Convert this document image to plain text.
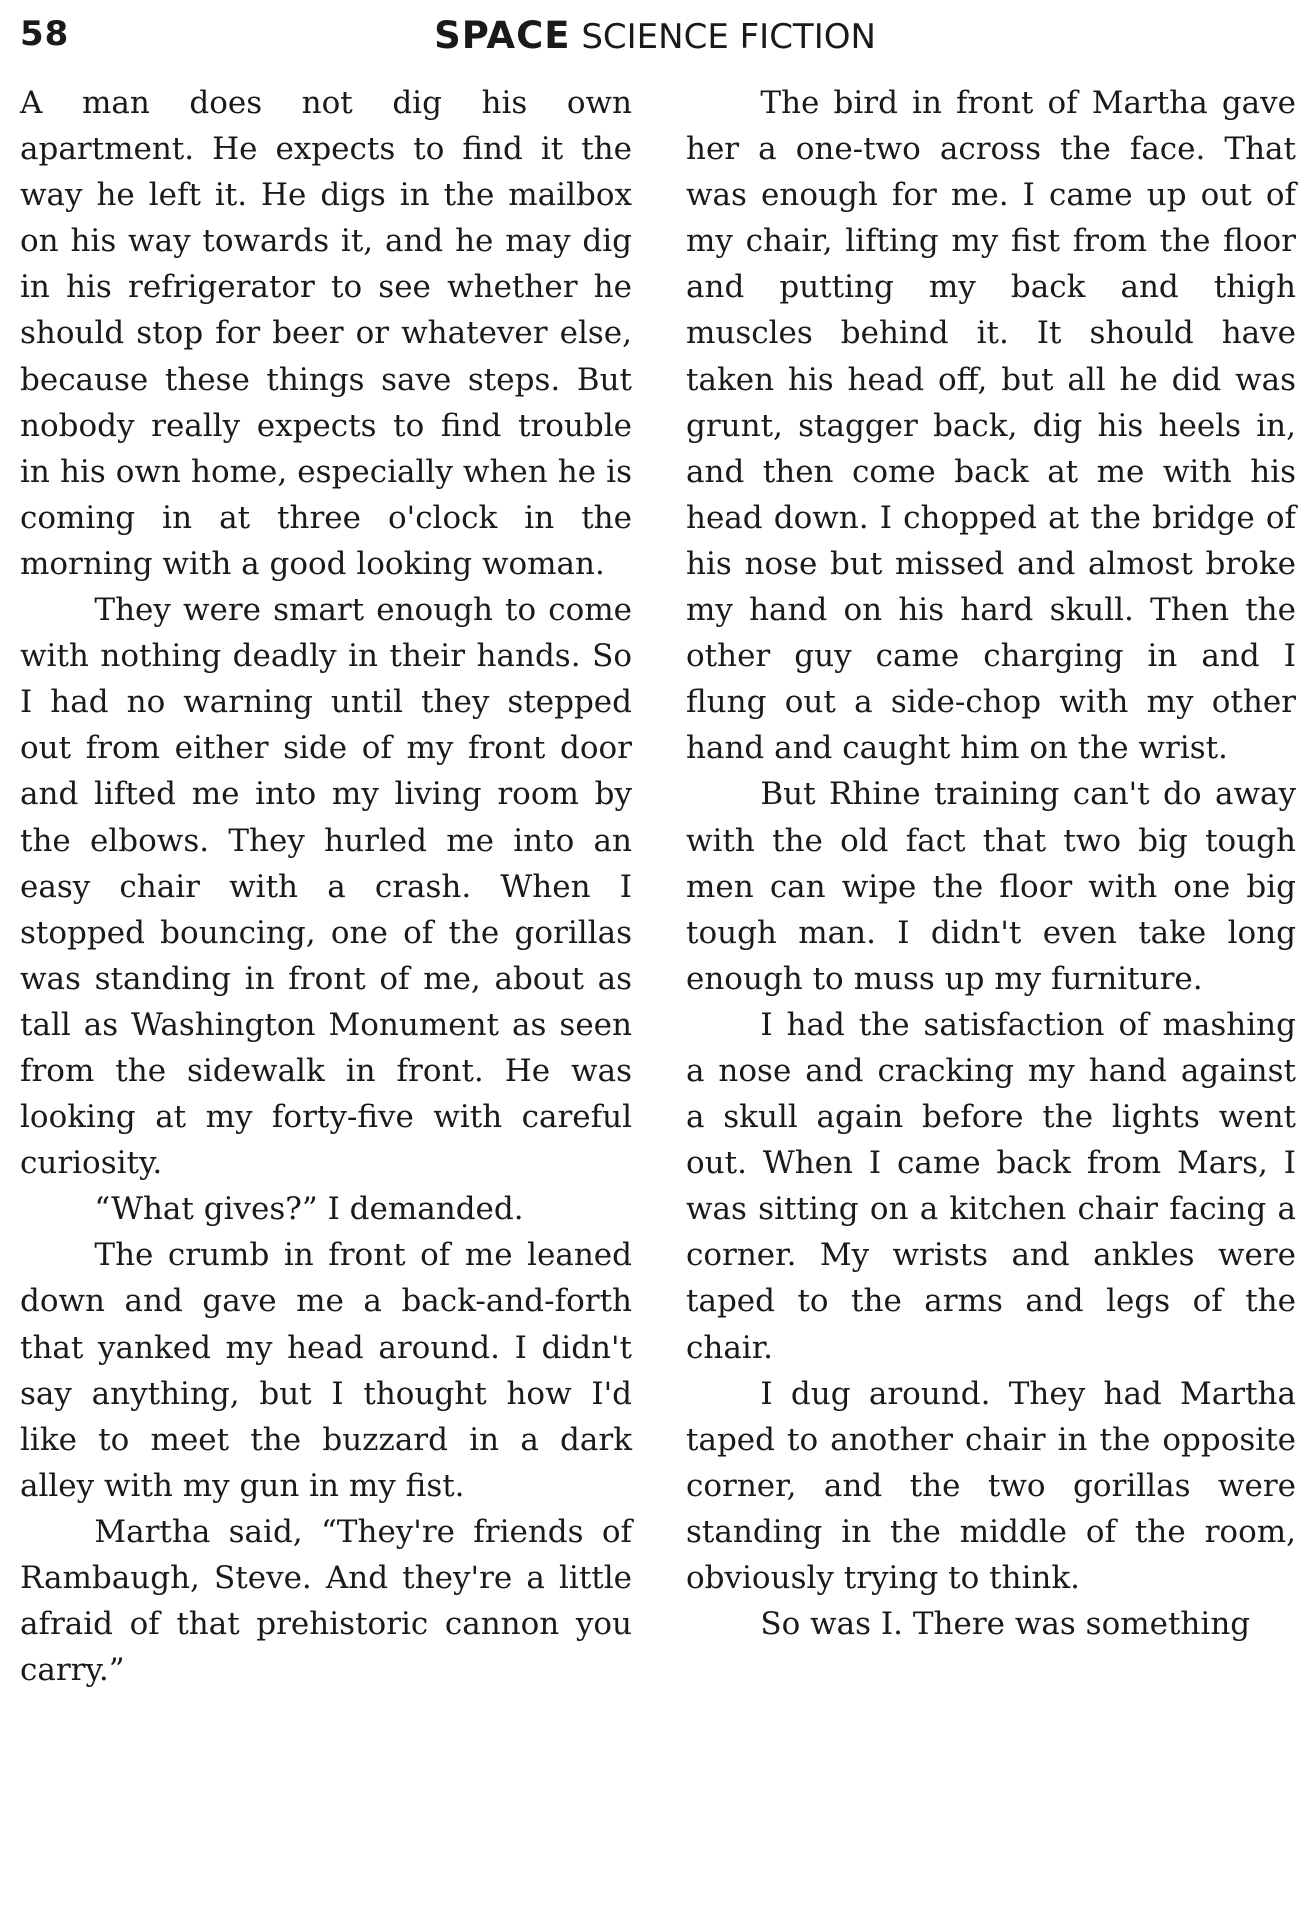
58	SPACE SCIENCE FICTION

A man does not dig his own apartment. He expects to find it the way he left it. He digs in the mailbox on his way towards it, and he may dig in his refrigerator to see whether he should stop for beer or whatever else, because these things save steps. But nobody really expects to find trouble in his own home, especially when he is coming in at three o'clock in the morning with a good looking woman.

They were smart enough to come with nothing deadly in their hands. So I had no warning until they stepped out from either side of my front door and lifted me into my living room by the elbows. They hurled me into an easy chair with a crash. When I stopped bouncing, one of the gorillas was standing in front of me, about as tall as Washington Monument as seen from the sidewalk in front. He was looking at my forty-five with careful curiosity.

“What gives?” I demanded.

The crumb in front of me leaned down and gave me a back-and-forth that yanked my head around. I didn't say anything, but I thought how I'd like to meet the buzzard in a dark alley with my gun in my fist.

Martha said, “They're friends of Rambaugh, Steve. And they're a little afraid of that prehistoric cannon you carry.”

The bird in front of Martha gave her a one-two across the face. That was enough for me. I came up out of my chair, lifting my fist from the floor and putting my back and thigh muscles behind it. It should have taken his head off, but all he did was grunt, stagger back, dig his heels in, and then come back at me with his head down. I chopped at the bridge of his nose but missed and almost broke my hand on his hard skull. Then the other guy came charging in and I flung out a side-chop with my other hand and caught him on the wrist.

But Rhine training can't do away with the old fact that two big tough men can wipe the floor with one big tough man. I didn't even take long enough to muss up my furniture.

I had the satisfaction of mashing a nose and cracking my hand against a skull again before the lights went out. When I came back from Mars, I was sitting on a kitchen chair facing a corner. My wrists and ankles were taped to the arms and legs of the chair.

I dug around. They had Martha taped to another chair in the opposite corner, and the two gorillas were standing in the middle of the room, obviously trying to think.

So was I. There was something
